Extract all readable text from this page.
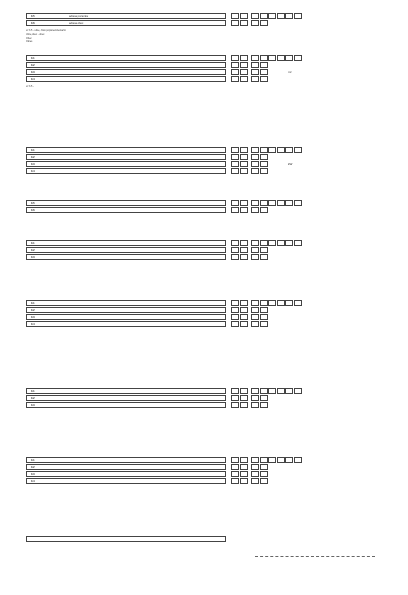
0.5	adresa pozemku
0.6	adresa obec
vz 3.5 - ulice, číslo popisné/orientační
Ulice,obec - obec
Obec
Okres
0.1
0.2
0.3	m²
0.4
vz 3.5 -
0.1
0.2
0.3	kW
0.4
0.5
0.6
0.1
0.2
0.3
0.1
0.2
0.3
0.4
0.1
0.2
0.3
0.1
0.2
0.3
0.4
